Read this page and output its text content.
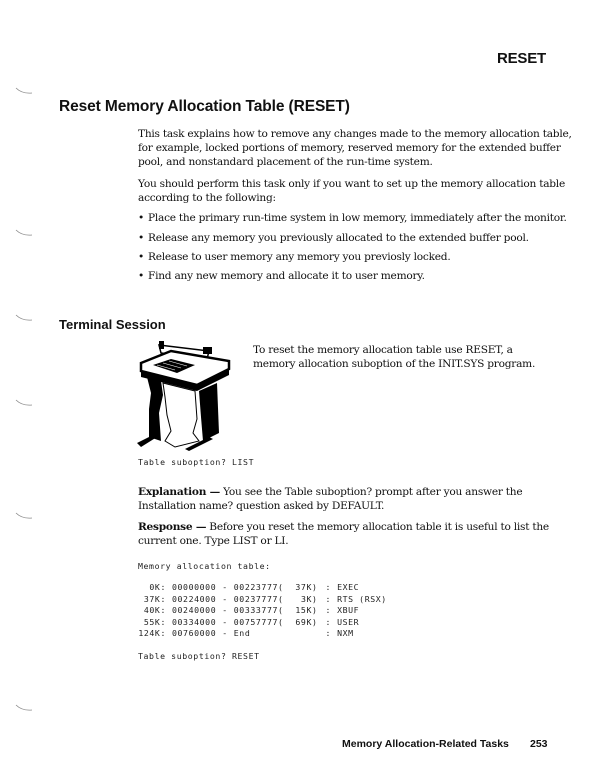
RESET
Reset Memory Allocation Table (RESET)

This task explains how to remove any changes made to the memory allocation table, for example, locked portions of memory, reserved memory for the extended buffer pool, and nonstandard placement of the run-time system.

You should perform this task only if you want to set up the memory allocation table according to the following:

• Place the primary run-time system in low memory, immediately after the monitor.
• Release any memory you previously allocated to the extended buffer pool.
• Release to user memory any memory you previosly locked.
• Find any new memory and allocate it to user memory.
Terminal Session

To reset the memory allocation table use RESET, a memory allocation suboption of the INIT.SYS program.

Table suboption? LIST

Explanation — You see the Table suboption? prompt after you answer the Installation name? question asked by DEFAULT.

Response — Before you reset the memory allocation table it is useful to list the current one. Type LIST or LI.

Memory allocation table:
0K:	00000000	-	00223777	(	37K)	:	EXEC
37K:	00224000	-	00237777	(	3K)	:	RTS (RSX)
40K:	00240000	-	00333777	(	15K)	:	XBUF
55K:	00334000	-	00757777	(	69K)	:	USER
124K:	00760000	-	End			:	NXM
Table suboption? RESET
Memory Allocation-Related Tasks 253
